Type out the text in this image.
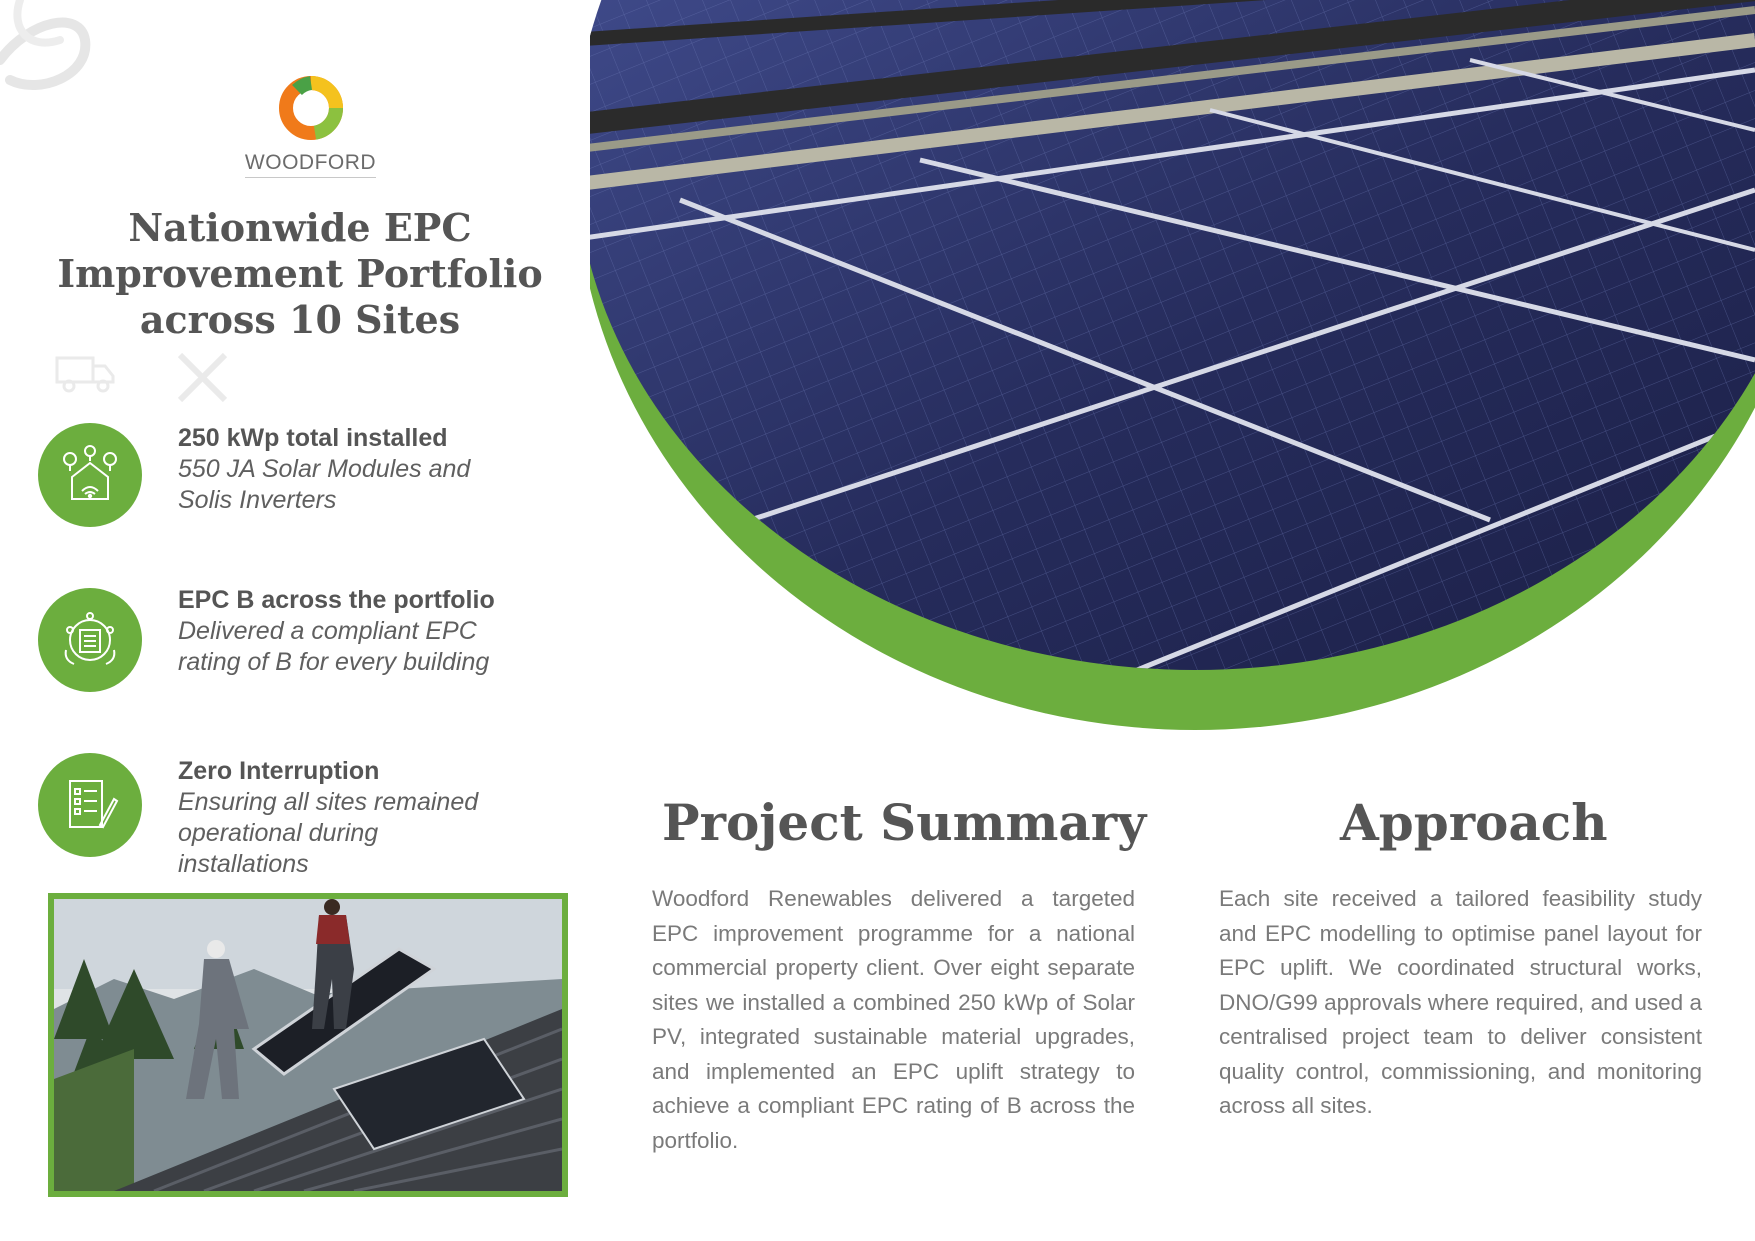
WOODFORD
Nationwide EPC
Improvement Portfolio
across 10 Sites
250 kWp total installed
550 JA Solar Modules and
Solis Inverters
EPC B across the portfolio
Delivered a compliant EPC
rating of B for every building
Zero Interruption
Ensuring all sites remained
operational during
installations
Project Summary
Woodford Renewables delivered a targeted EPC improvement programme for a national commercial property client. Over eight separate sites we installed a combined 250 kWp of Solar PV, integrated sustainable material upgrades, and implemented an EPC uplift strategy to achieve a compliant EPC rating of B across the portfolio.
Approach
Each site received a tailored feasibility study and EPC modelling to optimise panel layout for EPC uplift. We coordinated structural works, DNO/G99 approvals where required, and used a centralised project team to deliver consistent quality control, commissioning, and monitoring across all sites.
